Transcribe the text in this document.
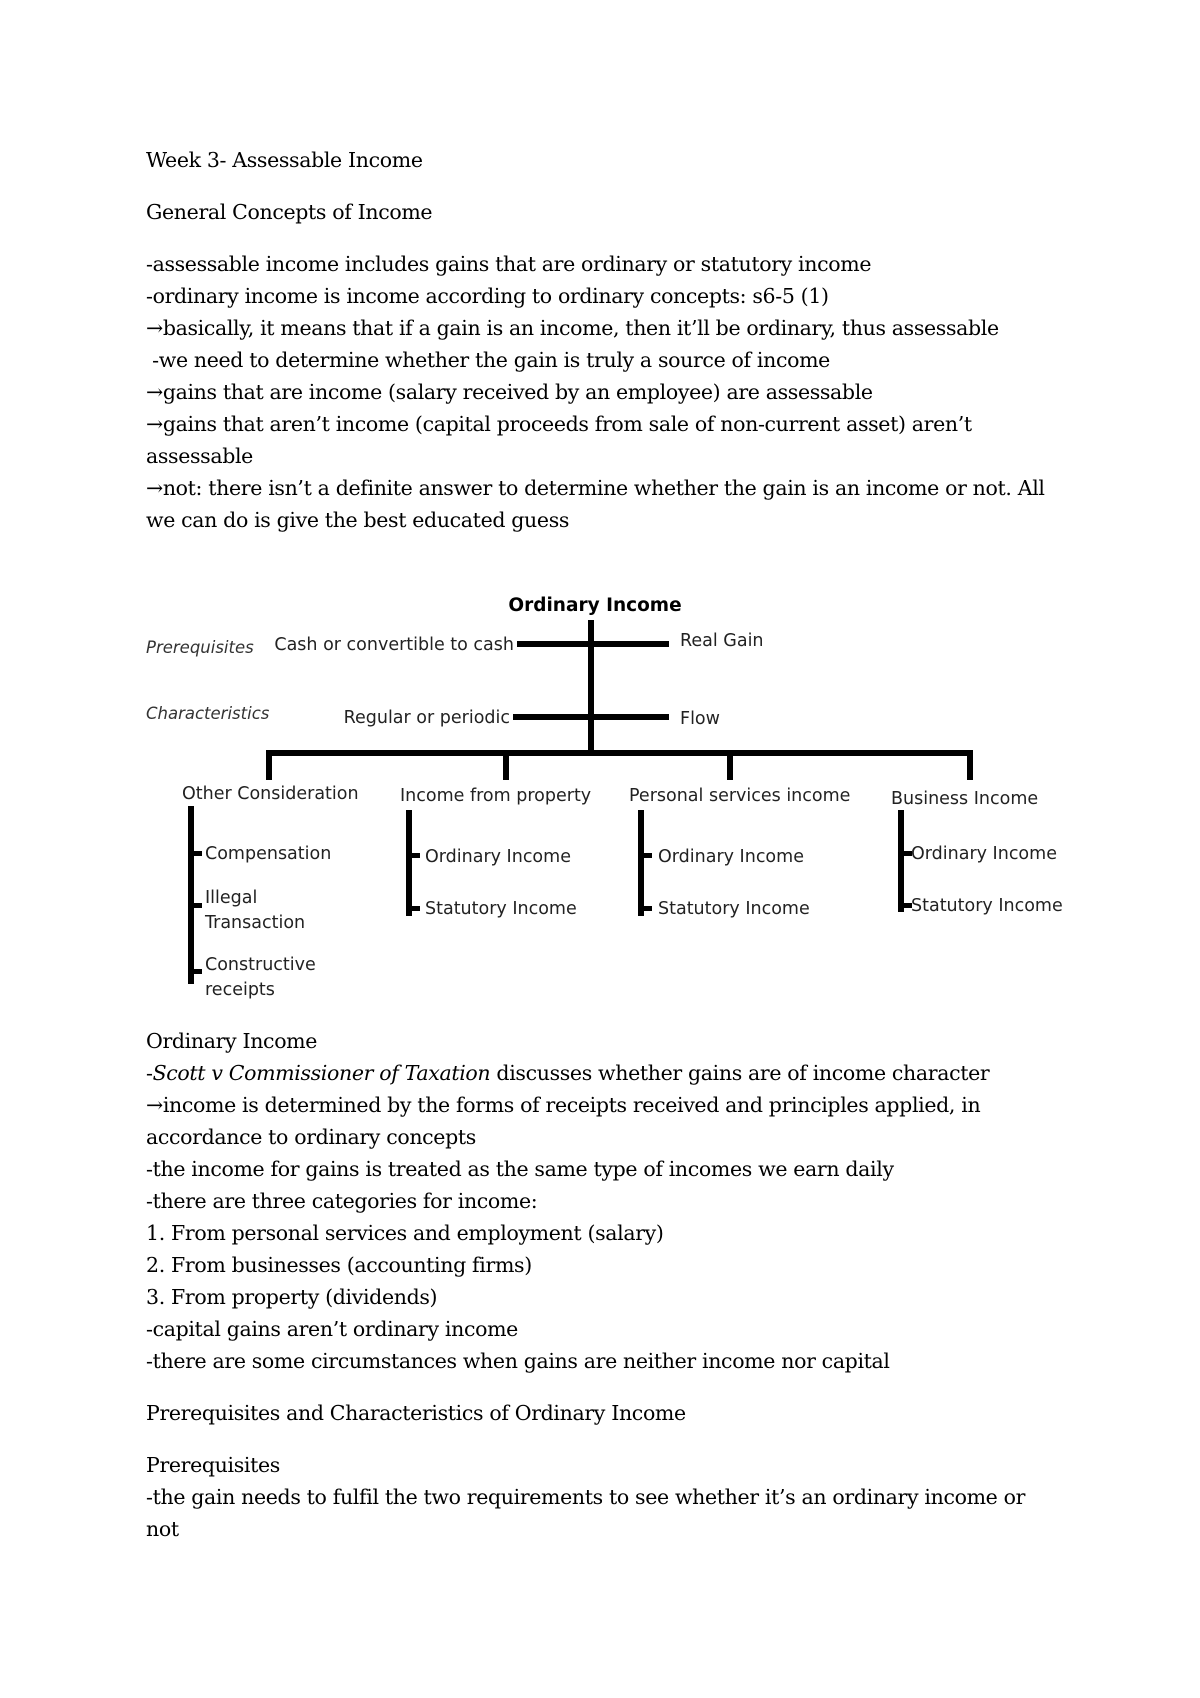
Week 3- Assessable Income
General Concepts of Income
-assessable income includes gains that are ordinary or statutory income
-ordinary income is income according to ordinary concepts: s6-5 (1)
→basically, it means that if a gain is an income, then it’ll be ordinary, thus assessable
-we need to determine whether the gain is truly a source of income
→gains that are income (salary received by an employee) are assessable
→gains that aren’t income (capital proceeds from sale of non-current asset) aren’t assessable
→not: there isn’t a definite answer to determine whether the gain is an income or not. All we can do is give the best educated guess
Ordinary Income
Prerequisites
Characteristics
Cash or convertible to cash	Real Gain
Regular or periodic	Flow
Other Consideration
Compensation
Illegal Transaction
Constructive receipts
Income from property
Ordinary Income
Statutory Income
Personal services income
Ordinary Income
Statutory Income
Business Income
Ordinary Income
Statutory Income
Ordinary Income
-Scott v Commissioner of Taxation discusses whether gains are of income character
→income is determined by the forms of receipts received and principles applied, in accordance to ordinary concepts
-the income for gains is treated as the same type of incomes we earn daily
-there are three categories for income:
1. From personal services and employment (salary)
2. From businesses (accounting firms)
3. From property (dividends)
-capital gains aren’t ordinary income
-there are some circumstances when gains are neither income nor capital
Prerequisites and Characteristics of Ordinary Income
Prerequisites
-the gain needs to fulfil the two requirements to see whether it’s an ordinary income or not
